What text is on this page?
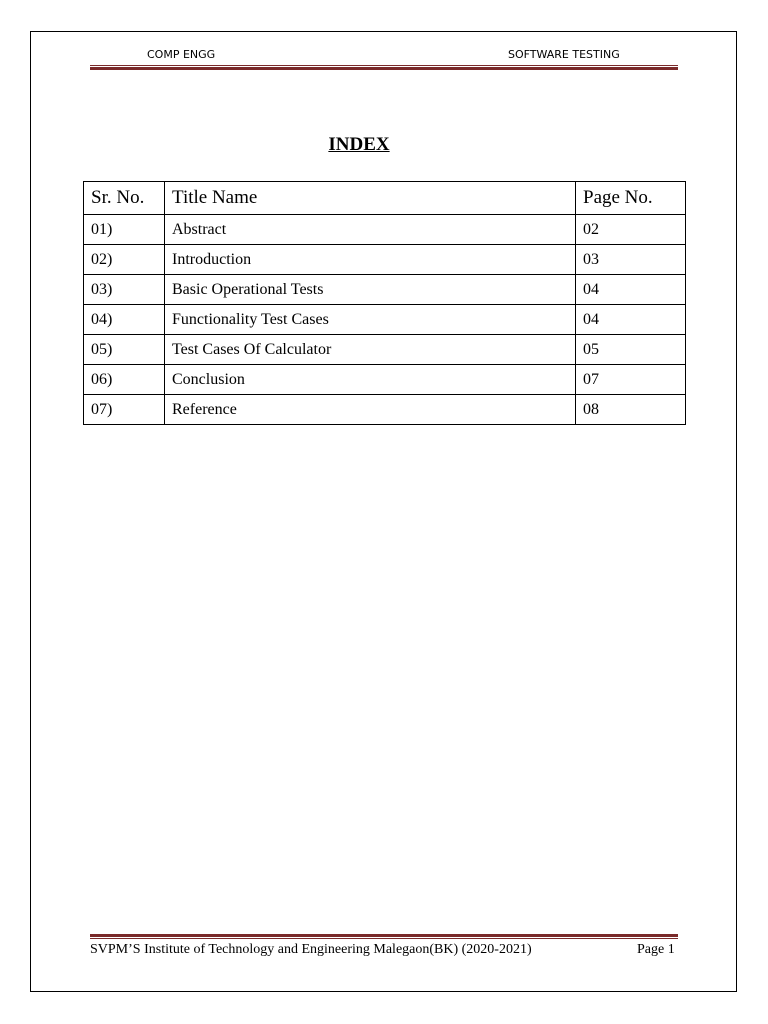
COMP ENGG	SOFTWARE TESTING
INDEX
Sr. No.	Title Name	Page No.
01)	Abstract	02
02)	Introduction	03
03)	Basic Operational Tests	04
04)	Functionality Test Cases	04
05)	Test Cases Of Calculator	05
06)	Conclusion	07
07)	Reference	08
SVPM’S Institute of Technology and Engineering Malegaon(BK) (2020-2021)	Page 1
